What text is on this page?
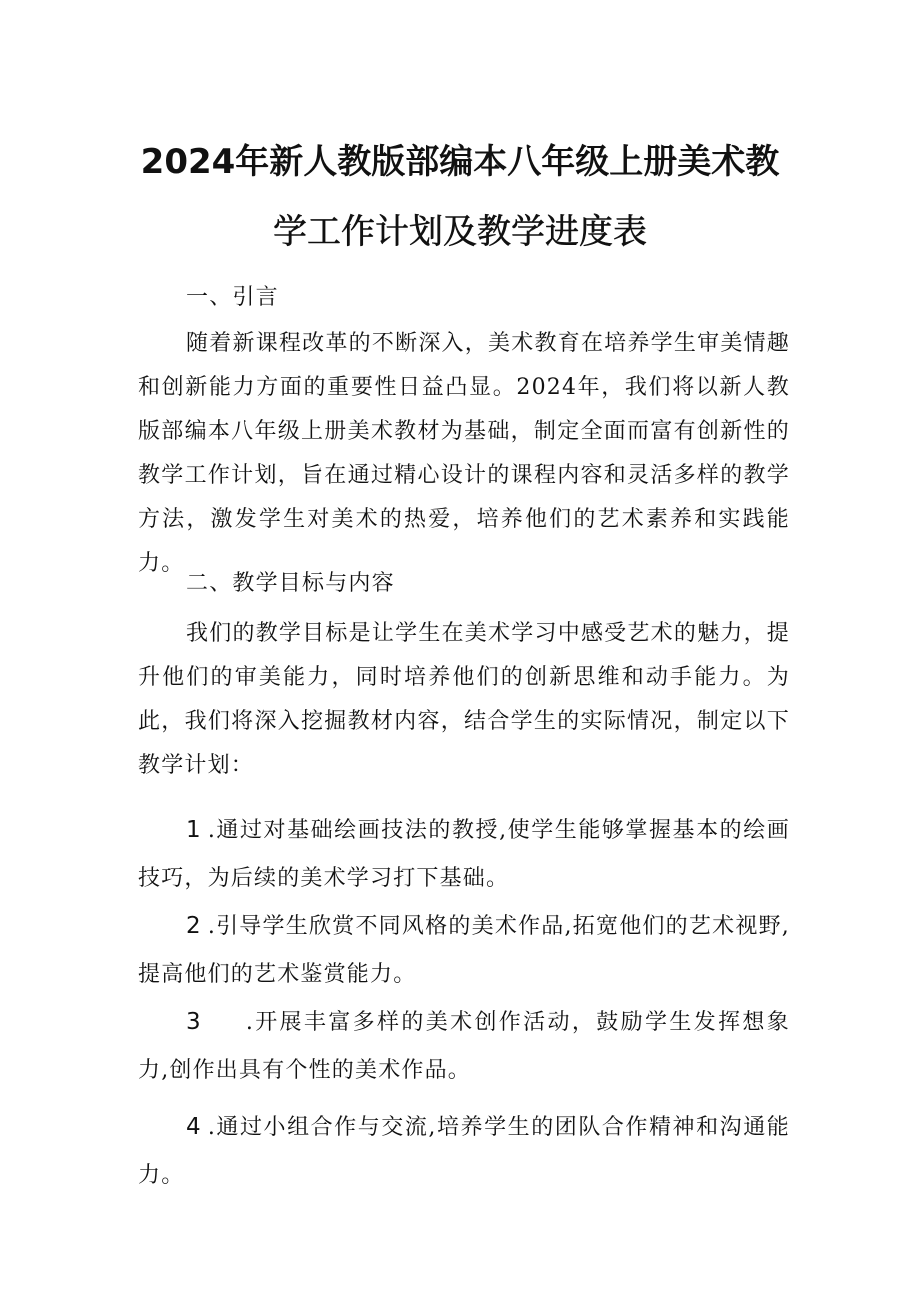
2024年新人教版部编本八年级上册美术教
学工作计划及教学进度表
一、引言
随着新课程改革的不断深入，美术教育在培养学生审美情趣和创新能力方面的重要性日益凸显。2024年，我们将以新人教版部编本八年级上册美术教材为基础，制定全面而富有创新性的教学工作计划，旨在通过精心设计的课程内容和灵活多样的教学方法，激发学生对美术的热爱，培养他们的艺术素养和实践能力。
二、教学目标与内容
我们的教学目标是让学生在美术学习中感受艺术的魅力，提升他们的审美能力，同时培养他们的创新思维和动手能力。为此，我们将深入挖掘教材内容，结合学生的实际情况，制定以下教学计划：
1 .通过对基础绘画技法的教授,使学生能够掌握基本的绘画技巧，为后续的美术学习打下基础。
2 .引导学生欣赏不同风格的美术作品,拓宽他们的艺术视野,提高他们的艺术鉴赏能力。
3 .开展丰富多样的美术创作活动，鼓励学生发挥想象力,创作出具有个性的美术作品。
4 .通过小组合作与交流,培养学生的团队合作精神和沟通能力。
